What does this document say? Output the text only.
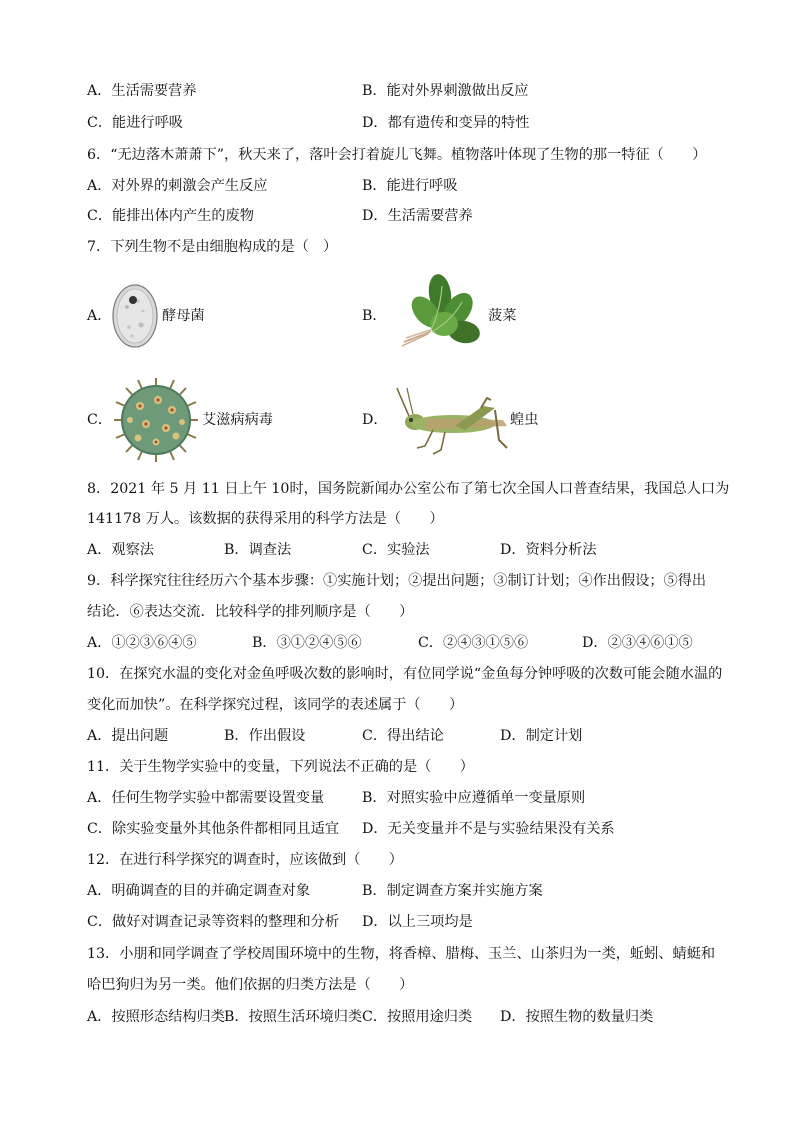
A．生活需要营养	B．能对外界刺激做出反应
C．能进行呼吸	D．都有遗传和变异的特性
6．“无边落木萧萧下”，秋天来了，落叶会打着旋儿飞舞。植物落叶体现了生物的那一特征（　　）
A．对外界的刺激会产生反应	B．能进行呼吸
C．能排出体内产生的废物	D．生活需要营养
7．下列生物不是由细胞构成的是（　）
A．	酵母菌	B．	菠菜
C．	艾滋病病毒	D．	蝗虫
8．2021 年 5 月 11 日上午 10时，国务院新闻办公室公布了第七次全国人口普查结果，我国总人口为
141178 万人。该数据的获得采用的科学方法是（　　）
A．观察法	B．调查法	C．实验法	D．资料分析法
9．科学探究往往经历六个基本步骤：①实施计划；②提出问题；③制订计划；④作出假设；⑤得出
结论．⑥表达交流．比较科学的排列顺序是（　　）
A．①②③⑥④⑤	B．③①②④⑤⑥	C．②④③①⑤⑥	D．②③④⑥①⑤
10．在探究水温的变化对金鱼呼吸次数的影响时，有位同学说“金鱼每分钟呼吸的次数可能会随水温的
变化而加快”。在科学探究过程，该同学的表述属于（　　）
A．提出问题	B．作出假设	C．得出结论	D．制定计划
11．关于生物学实验中的变量，下列说法不正确的是（　　）
A．任何生物学实验中都需要设置变量	B．对照实验中应遵循单一变量原则
C．除实验变量外其他条件都相同且适宜 D．无关变量并不是与实验结果没有关系
12．在进行科学探究的调查时，应该做到（　　）
A．明确调查的目的并确定调查对象	B．制定调查方案并实施方案
C．做好对调查记录等资料的整理和分析 D．以上三项均是
13．小朋和同学调查了学校周围环境中的生物，将香樟、腊梅、玉兰、山茶归为一类，蚯蚓、蜻蜓和
哈巴狗归为另一类。他们依据的归类方法是（　　）
A．按照形态结构归类 B．按照生活环境归类 C．按照用途归类 D．按照生物的数量归类
